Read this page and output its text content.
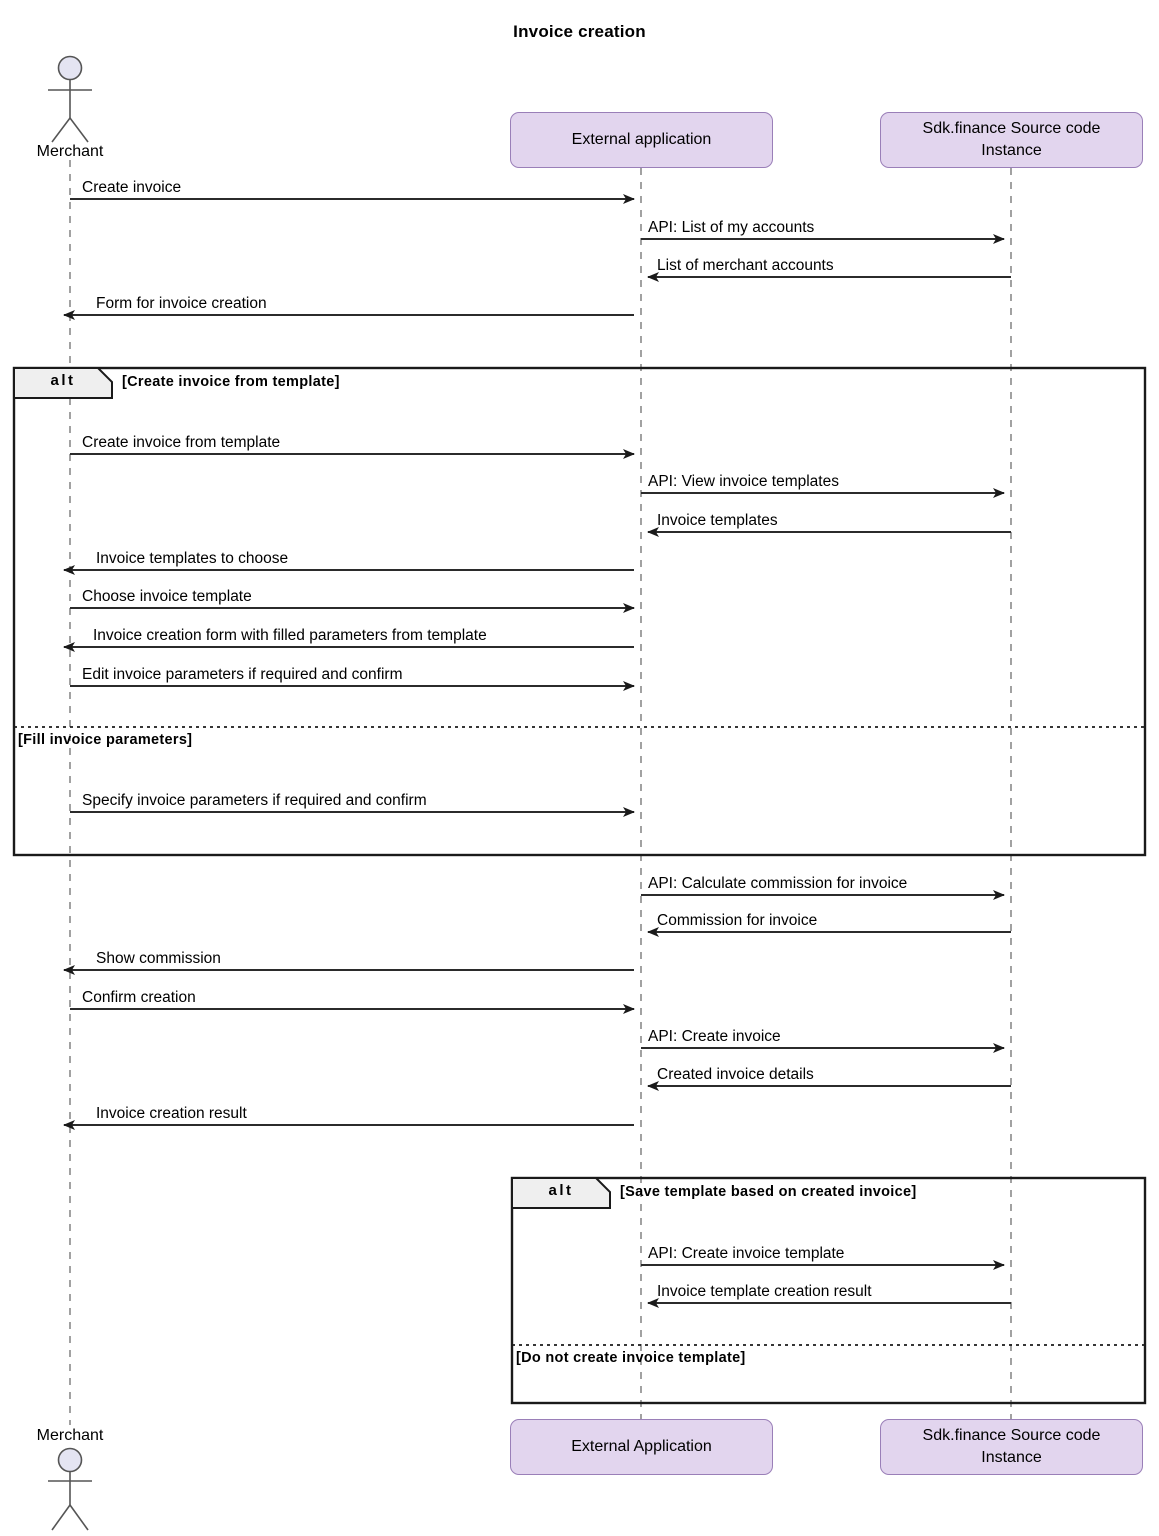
Invoice creation
External application
Sdk.finance Source code
Instance
External Application
Sdk.finance Source code
Instance
Merchant
Merchant
alt	[Create invoice from template]
[Fill invoice parameters]
alt	[Save template based on created invoice]
[Do not create invoice template]
Create invoice
API: List of my accounts
List of merchant accounts
Form for invoice creation
Create invoice from template
API: View invoice templates
Invoice templates
Invoice templates to choose
Choose invoice template
Invoice creation form with filled parameters from template
Edit invoice parameters if required and confirm
Specify invoice parameters if required and confirm
API: Calculate commission for invoice
Commission for invoice
Show commission
Confirm creation
API: Create invoice
Created invoice details
Invoice creation result
API: Create invoice template
Invoice template creation result
